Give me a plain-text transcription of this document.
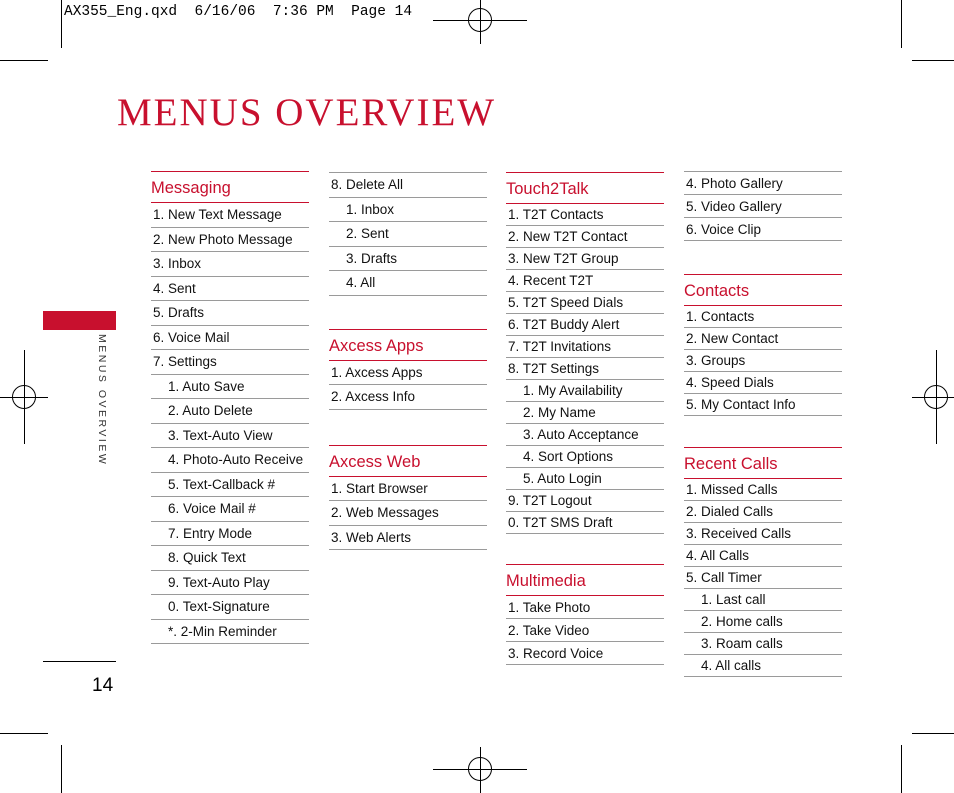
AX355_Eng.qxd  6/16/06  7:36 PM  Page 14
MENUS OVERVIEW
MENUS OVERVIEW
14
Messaging
1. New Text Message
2. New Photo Message
3. Inbox
4. Sent
5. Drafts
6. Voice Mail
7. Settings
1. Auto Save
2. Auto Delete
3. Text-Auto View
4. Photo-Auto Receive
5. Text-Callback #
6. Voice Mail #
7. Entry Mode
8. Quick Text
9. Text-Auto Play
0. Text-Signature
*. 2-Min Reminder
8. Delete All
1. Inbox
2. Sent
3. Drafts
4. All
Axcess Apps
1. Axcess Apps
2. Axcess Info
Axcess Web
1. Start Browser
2. Web Messages
3. Web Alerts
Touch2Talk
1. T2T Contacts
2. New T2T Contact
3. New T2T Group
4. Recent T2T
5. T2T Speed Dials
6. T2T Buddy Alert
7. T2T Invitations
8. T2T Settings
1. My Availability
2. My Name
3. Auto Acceptance
4. Sort Options
5. Auto Login
9. T2T Logout
0. T2T SMS Draft
Multimedia
1. Take Photo
2. Take Video
3. Record Voice
4. Photo Gallery
5. Video Gallery
6. Voice Clip
Contacts
1. Contacts
2. New Contact
3. Groups
4. Speed Dials
5. My Contact Info
Recent Calls
1. Missed Calls
2. Dialed Calls
3. Received Calls
4. All Calls
5. Call Timer
1. Last call
2. Home calls
3. Roam calls
4. All calls
